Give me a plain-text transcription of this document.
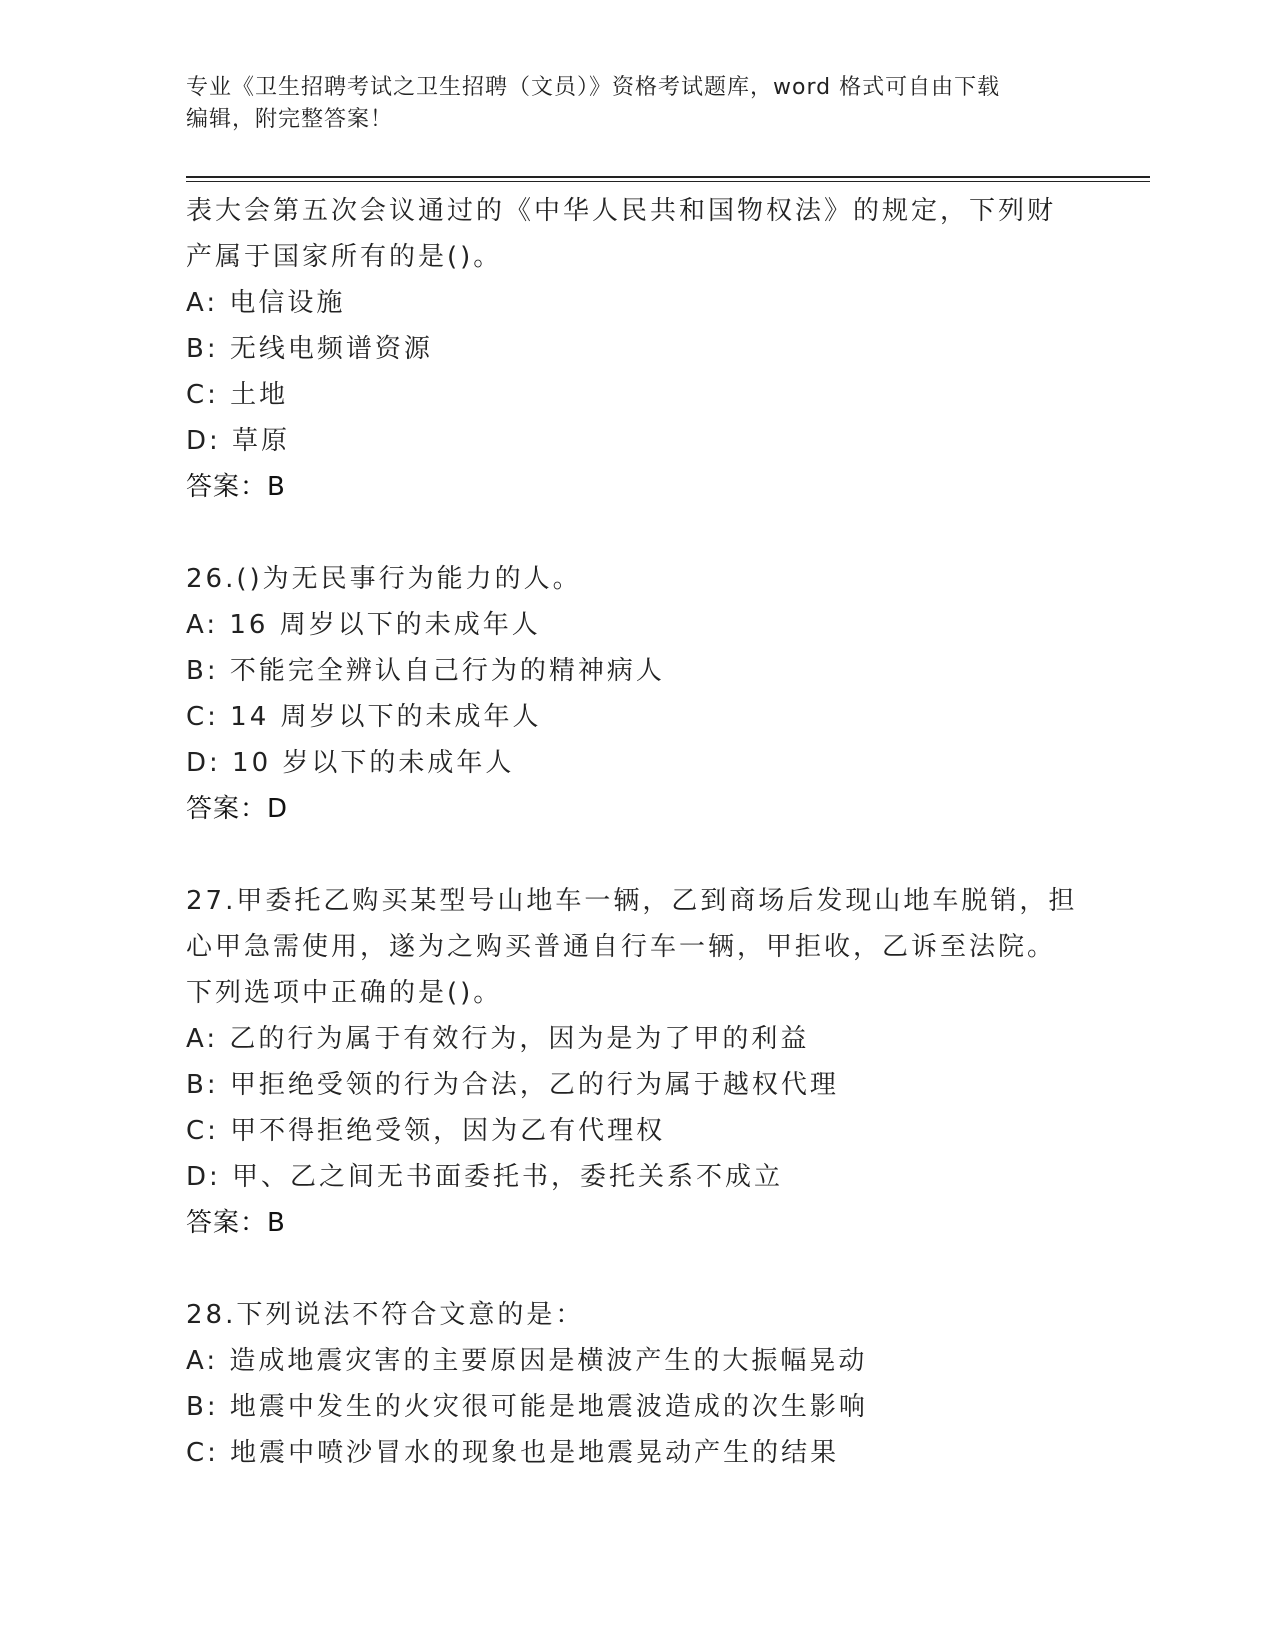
专业《卫生招聘考试之卫生招聘（文员）》资格考试题库，word 格式可自由下载
编辑，附完整答案！
表大会第五次会议通过的《中华人民共和国物权法》的规定，下列财
产属于国家所有的是()。
A: 电信设施
B: 无线电频谱资源
C: 土地
D: 草原
答案：B
26.()为无民事行为能力的人。
A: 16 周岁以下的未成年人
B: 不能完全辨认自己行为的精神病人
C: 14 周岁以下的未成年人
D: 10 岁以下的未成年人
答案：D
27.甲委托乙购买某型号山地车一辆，乙到商场后发现山地车脱销，担
心甲急需使用，遂为之购买普通自行车一辆，甲拒收，乙诉至法院。
下列选项中正确的是()。
A: 乙的行为属于有效行为，因为是为了甲的利益
B: 甲拒绝受领的行为合法，乙的行为属于越权代理
C: 甲不得拒绝受领，因为乙有代理权
D: 甲、乙之间无书面委托书，委托关系不成立
答案：B
28.下列说法不符合文意的是：
A: 造成地震灾害的主要原因是横波产生的大振幅晃动
B: 地震中发生的火灾很可能是地震波造成的次生影响
C: 地震中喷沙冒水的现象也是地震晃动产生的结果
